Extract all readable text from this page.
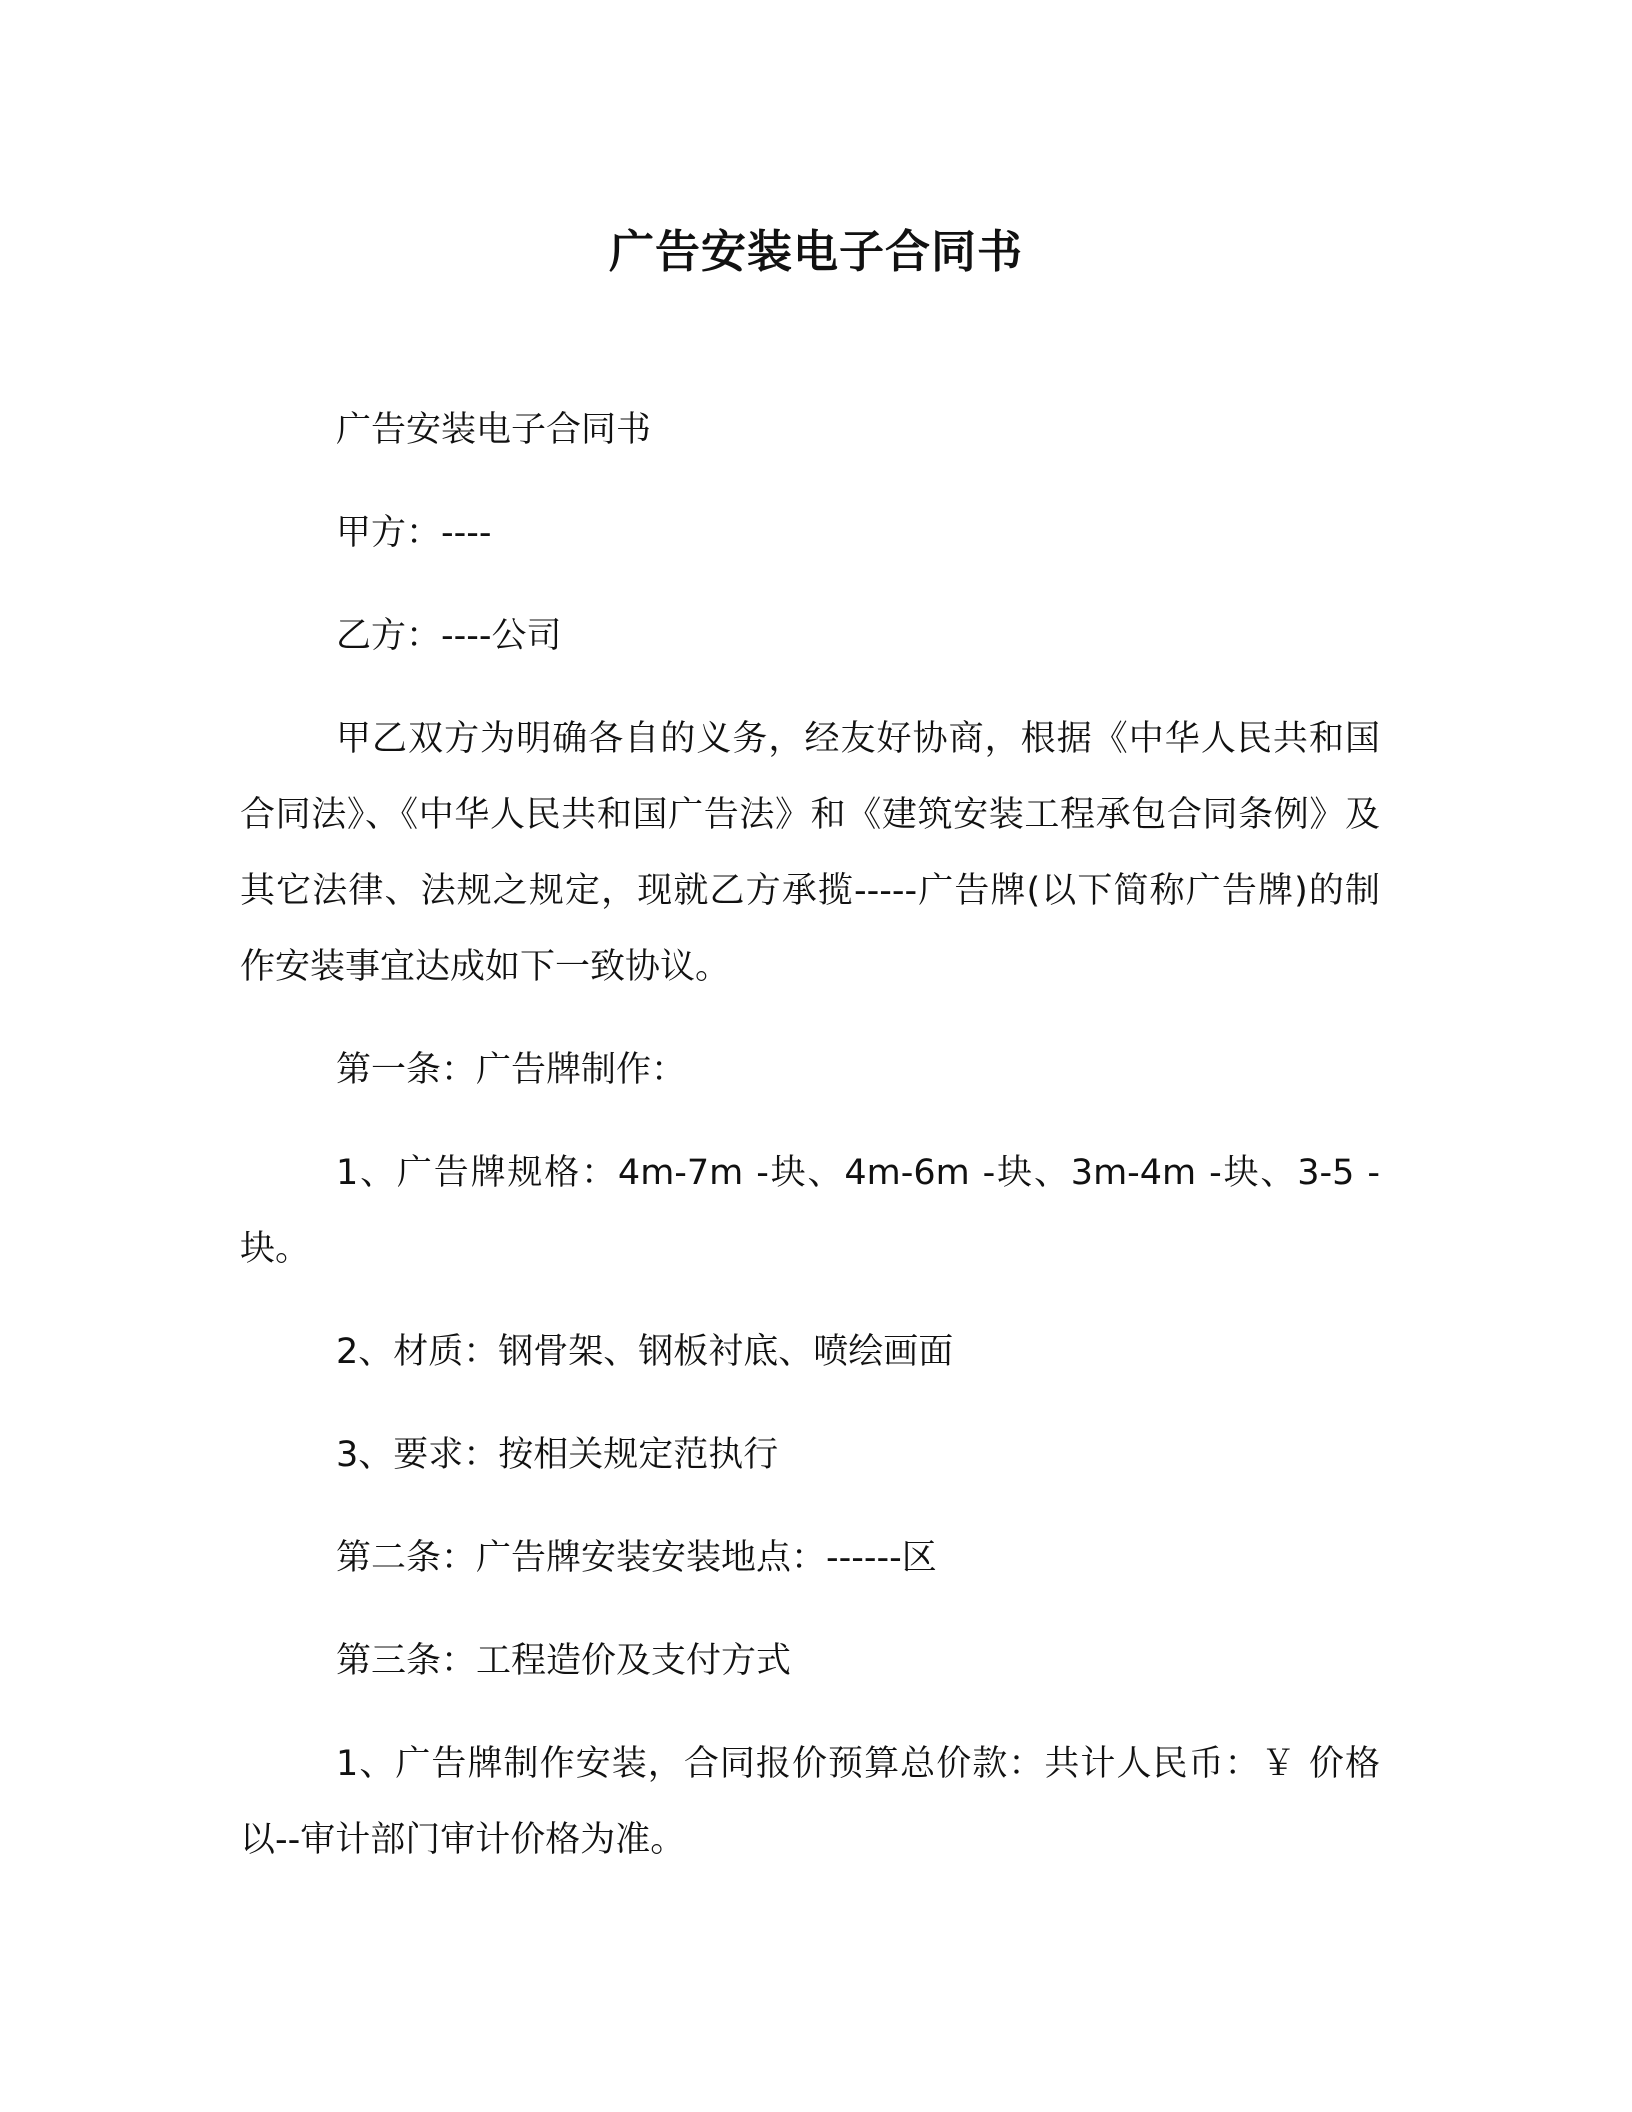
广告安装电子合同书

广告安装电子合同书

甲方：----

乙方：----公司

甲乙双方为明确各自的义务，经友好协商，根据《中华人民共和国合同法》、《中华人民共和国广告法》和《建筑安装工程承包合同条例》及其它法律、法规之规定，现就乙方承揽-----广告牌(以下简称广告牌)的制作安装事宜达成如下一致协议。

第一条：广告牌制作：

1、广告牌规格：4m-7m -块、4m-6m -块、3m-4m -块、3-5 -块。

2、材质：钢骨架、钢板衬底、喷绘画面

3、要求：按相关规定范执行

第二条：广告牌安装安装地点：------区

第三条：工程造价及支付方式

1、广告牌制作安装，合同报价预算总价款：共计人民币：￥ 价格以--审计部门审计价格为准。
